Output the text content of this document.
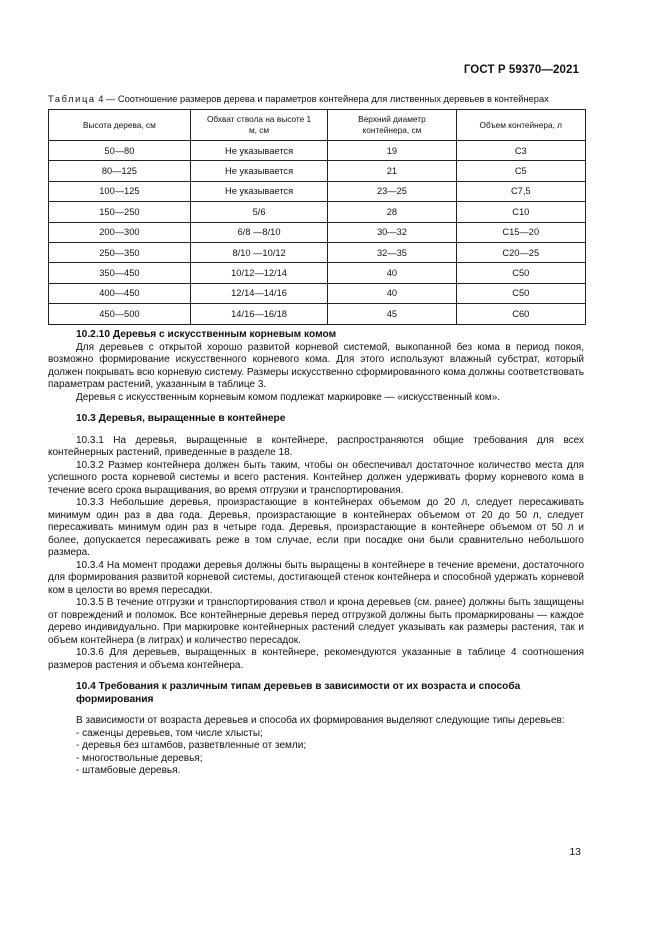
ГОСТ Р 59370—2021
Таблица 4 — Соотношение размеров дерева и параметров контейнера для лиственных деревьев в контейнерах
Высота дерева, см	Обхват ствола на высоте 1 м, см	Верхний диаметр контейнера, см	Объем контейнера, л
50—80	Не указывается	19	С3
80—125	Не указывается	21	С5
100—125	Не указывается	23—25	С7,5
150—250	5/6	28	С10
200—300	6/8 —8/10	30—32	С15—20
250—350	8/10 —10/12	32—35	С20—25
350—450	10/12—12/14	40	С50
400—450	12/14—14/16	40	С50
450—500	14/16—16/18	45	С60
10.2.10 Деревья с искусственным корневым комом

Для деревьев с открытой хорошо развитой корневой системой, выкопанной без кома в период покоя, возможно формирование искусственного корневого кома. Для этого используют влажный субстрат, который должен покрывать всю корневую систему. Размеры искусственно сформированного кома должны соответствовать параметрам растений, указанным в таблице 3.

Деревья с искусственным корневым комом подлежат маркировке — «искусственный ком».

10.3 Деревья, выращенные в контейнере

10.3.1 На деревья, выращенные в контейнере, распространяются общие требования для всех контейнерных растений, приведенные в разделе 18.

10.3.2 Размер контейнера должен быть таким, чтобы он обеспечивал достаточное количество места для успешного роста корневой системы и всего растения. Контейнер должен удерживать форму корневого кома в течение всего срока выращивания, во время отгрузки и транспортирования.

10.3.3 Небольшие деревья, произрастающие в контейнерах объемом до 20 л, следует пересаживать минимум один раз в два года. Деревья, произрастающие в контейнерах объемом от 20 до 50 л, следует пересаживать минимум один раз в четыре года. Деревья, произрастающие в контейнере объемом от 50 л и более, допускается пересаживать реже в том случае, если при посадке они были сравнительно небольшого размера.

10.3.4 На момент продажи деревья должны быть выращены в контейнере в течение времени, достаточного для формирования развитой корневой системы, достигающей стенок контейнера и способной удержать корневой ком в целости во время пересадки.

10.3.5 В течение отгрузки и транспортирования ствол и крона деревьев (см. ранее) должны быть защищены от повреждений и поломок. Все контейнерные деревья перед отгрузкой должны быть промаркированы — каждое дерево индивидуально. При маркировке контейнерных растений следует указывать как размеры растения, так и объем контейнера (в литрах) и количество пересадок.

10.3.6 Для деревьев, выращенных в контейнере, рекомендуются указанные в таблице 4 соотношения размеров растения и объема контейнера.

10.4 Требования к различным типам деревьев в зависимости от их возраста и способа формирования

В зависимости от возраста деревьев и способа их формирования выделяют следующие типы деревьев:

- саженцы деревьев, том числе хлысты;

- деревья без штамбов, разветвленные от земли;

- многоствольные деревья;

- штамбовые деревья.

13
